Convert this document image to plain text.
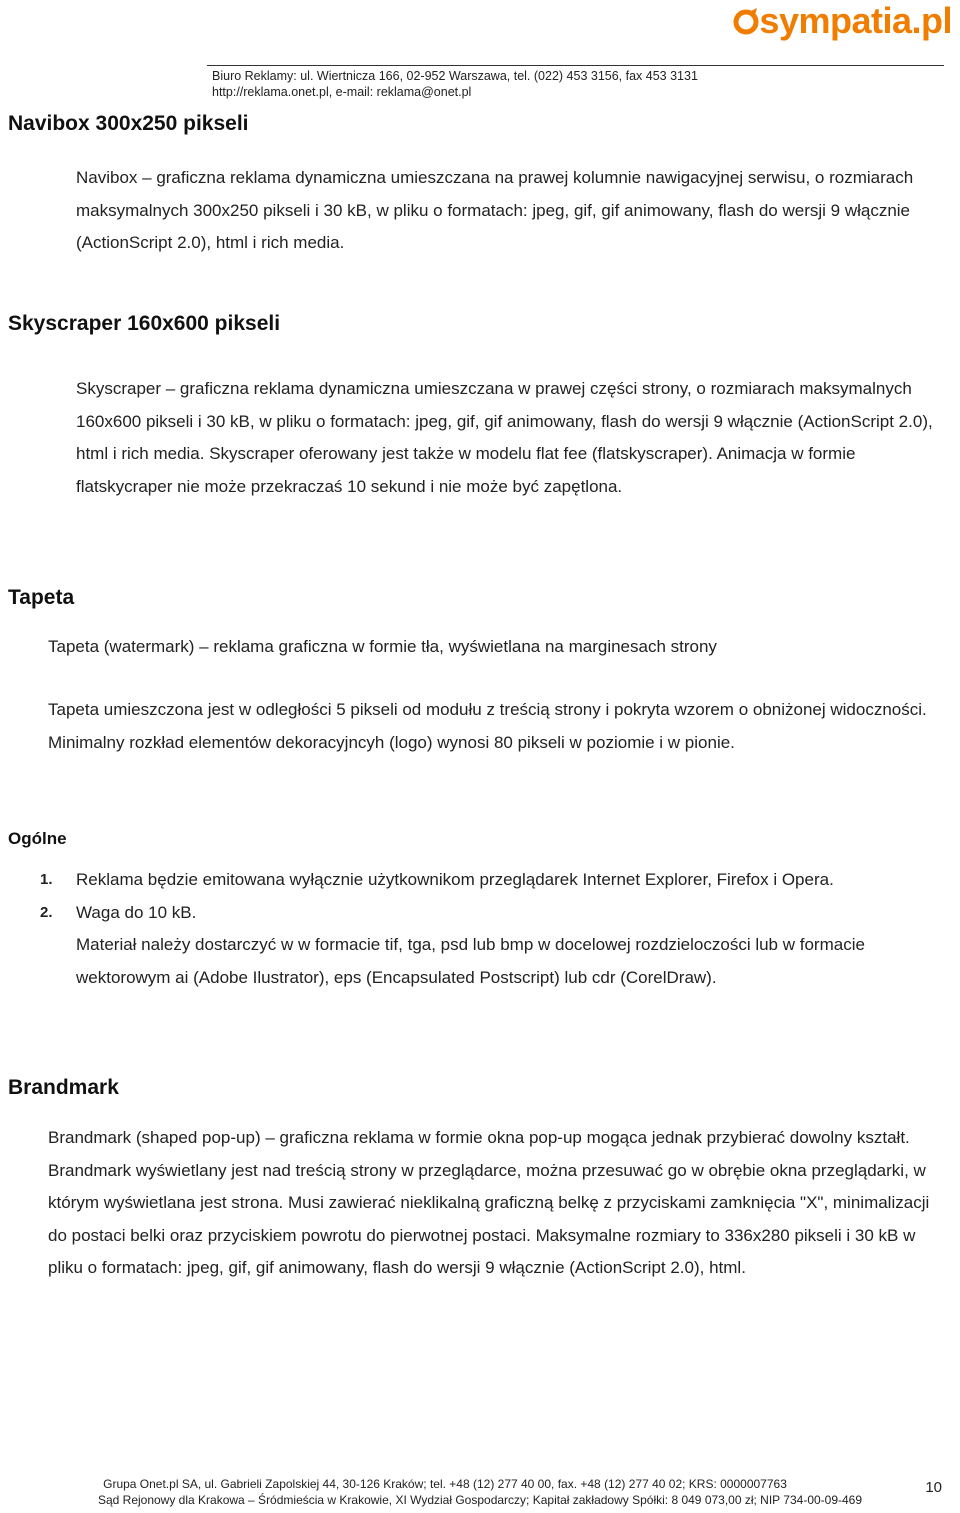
sympatia.pl
Biuro Reklamy: ul. Wiertnicza 166, 02-952 Warszawa, tel. (022) 453 3156, fax 453 3131
http://reklama.onet.pl, e-mail: reklama@onet.pl
Navibox 300x250 pikseli

Navibox – graficzna reklama dynamiczna umieszczana na prawej kolumnie nawigacyjnej serwisu, o rozmiarach maksymalnych 300x250 pikseli i 30 kB, w pliku o formatach: jpeg, gif, gif animowany, flash do wersji 9 włącznie (ActionScript 2.0), html i rich media.

Skyscraper 160x600 pikseli

Skyscraper – graficzna reklama dynamiczna umieszczana w prawej części strony, o rozmiarach maksymalnych 160x600 pikseli i 30 kB, w pliku o formatach: jpeg, gif, gif animowany, flash do wersji 9 włącznie (ActionScript 2.0), html i rich media. Skyscraper oferowany jest także w modelu flat fee (flatskyscraper). Animacja w formie flatskycraper nie może przekraczaś 10 sekund i nie może być zapętlona.

Tapeta

Tapeta (watermark) – reklama graficzna w formie tła, wyświetlana na marginesach strony

Tapeta umieszczona jest w odległości 5 pikseli od modułu z treścią strony i pokryta wzorem o obniżonej widoczności. Minimalny rozkład elementów dekoracyjncyh (logo) wynosi 80 pikseli w poziomie i w pionie.

Ogólne
1. Reklama będzie emitowana wyłącznie użytkownikom przeglądarek Internet Explorer, Firefox i Opera.
2. Waga do 10 kB.
Materiał należy dostarczyć w w formacie tif, tga, psd lub bmp w docelowej rozdzieloczości lub w formacie wektorowym ai (Adobe Ilustrator), eps (Encapsulated Postscript) lub cdr (CorelDraw).
Brandmark

Brandmark (shaped pop-up) – graficzna reklama w formie okna pop-up mogąca jednak przybierać dowolny kształt. Brandmark wyświetlany jest nad treścią strony w przeglądarce, można przesuwać go w obrębie okna przeglądarki, w którym wyświetlana jest strona. Musi zawierać nieklikalną graficzną belkę z przyciskami zamknięcia "X", minimalizacji do postaci belki oraz przyciskiem powrotu do pierwotnej postaci. Maksymalne rozmiary to 336x280 pikseli i 30 kB w pliku o formatach: jpeg, gif, gif animowany, flash do wersji 9 włącznie (ActionScript 2.0), html.

Grupa Onet.pl SA, ul. Gabrieli Zapolskiej 44, 30-126 Kraków; tel. +48 (12) 277 40 00, fax. +48 (12) 277 40 02; KRS: 0000007763
Sąd Rejonowy dla Krakowa – Śródmieścia w Krakowie, XI Wydział Gospodarczy; Kapitał zakładowy Spółki: 8 049 073,00 zł; NIP 734-00-09-469
10
